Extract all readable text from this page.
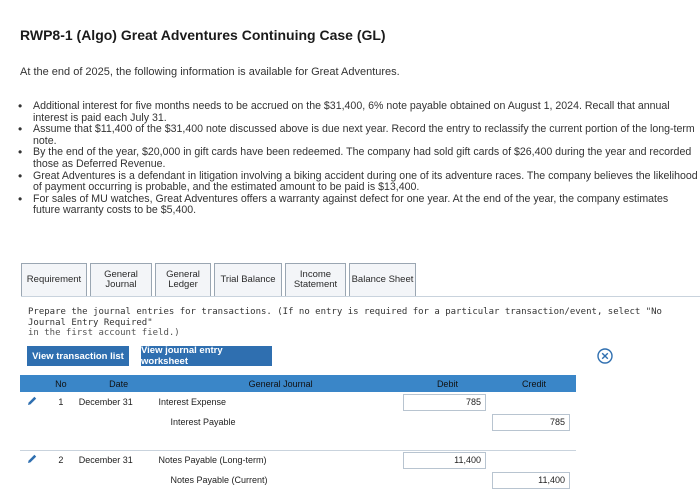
RWP8-1 (Algo) Great Adventures Continuing Case (GL)
At the end of 2025, the following information is available for Great Adventures.
• Additional interest for five months needs to be accrued on the $31,400, 6% note payable obtained on August 1, 2024. Recall that annual interest is paid each July 31.
• Assume that $11,400 of the $31,400 note discussed above is due next year. Record the entry to reclassify the current portion of the long-term note.
• By the end of the year, $20,000 in gift cards have been redeemed. The company had sold gift cards of $26,400 during the year and recorded those as Deferred Revenue.
• Great Adventures is a defendant in litigation involving a biking accident during one of its adventure races. The company believes the likelihood of payment occurring is probable, and the estimated amount to be paid is $13,400.
• For sales of MU watches, Great Adventures offers a warranty against defect for one year. At the end of the year, the company estimates future warranty costs to be $5,400.
Requirement	General Journal
General Ledger	Trial Balance	Income Statement	Balance Sheet
Prepare the journal entries for transactions. (If no entry is required for a particular transaction/event, select "No Journal Entry Required"
in the first account field.)
View transaction list	View journal entry worksheet
	No	Date	General Journal	Debit	Credit
	1	December 31	Interest Expense	785	

			Interest Payable		785

	2	December 31	Notes Payable (Long-term)	11,400	

			Notes Payable (Current)		11,400
